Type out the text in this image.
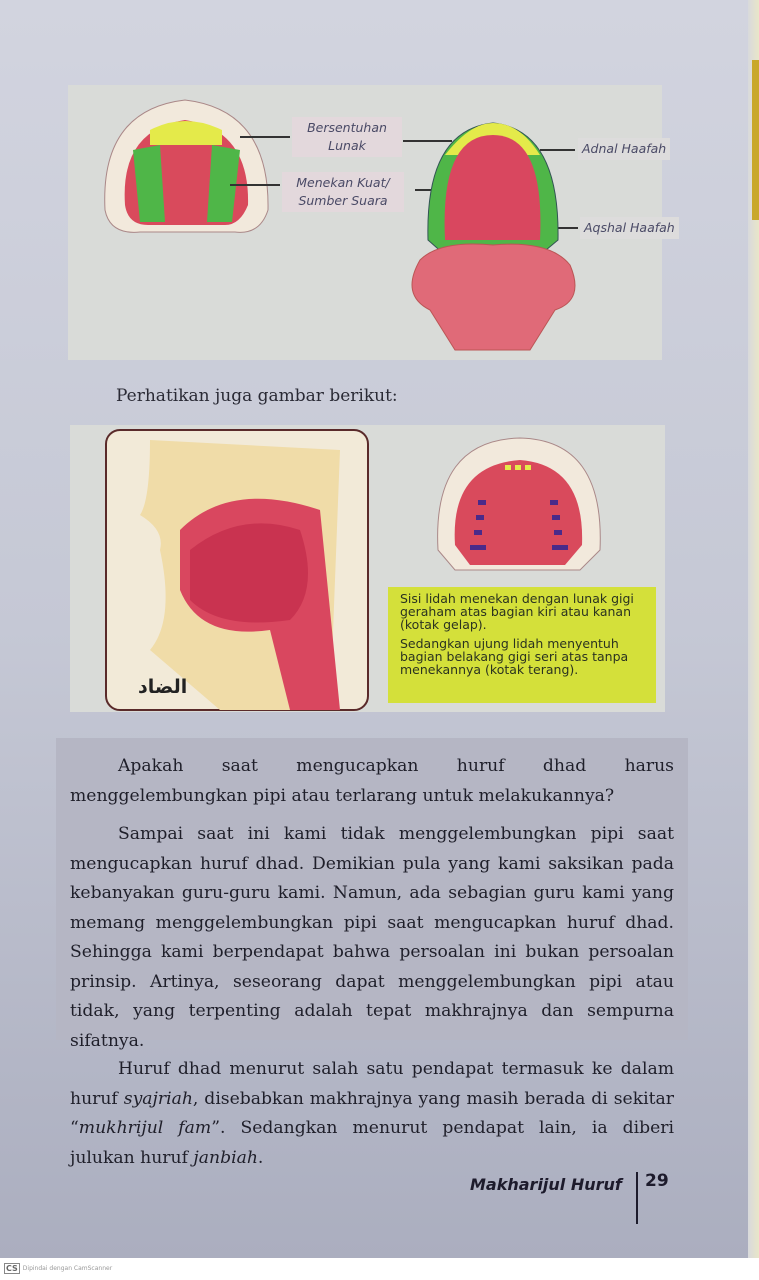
Bersentuhan
Lunak
Menekan Kuat/
Sumber Suara
Adnal Haafah
Aqshal Haafah
Perhatikan juga gambar berikut:
الضاد

Sisi lidah menekan dengan lunak gigi geraham atas bagian kiri atau kanan (kotak gelap).

Sedangkan ujung lidah menyentuh bagian belakang gigi seri atas tanpa menekannya (kotak terang).

Apakah saat mengucapkan huruf dhad harus menggelembungkan pipi atau terlarang untuk melakukannya?
Sampai saat ini kami tidak menggelembungkan pipi saat mengucapkan huruf dhad. Demikian pula yang kami saksikan pada kebanyakan guru-guru kami. Namun, ada sebagian guru kami yang memang menggelembungkan pipi saat mengucapkan huruf dhad. Sehingga kami berpendapat bahwa persoalan ini bukan persoalan prinsip. Artinya, seseorang dapat menggelembungkan pipi atau tidak, yang terpenting adalah tepat makhrajnya dan sempurna sifatnya.
Huruf dhad menurut salah satu pendapat termasuk ke dalam huruf syajriah, disebabkan makhrajnya yang masih berada di sekitar “mukhrijul fam”. Sedangkan menurut pendapat lain, ia diberi julukan huruf janbiah.
Makharijul Huruf 29
CS Dipindai dengan CamScanner
